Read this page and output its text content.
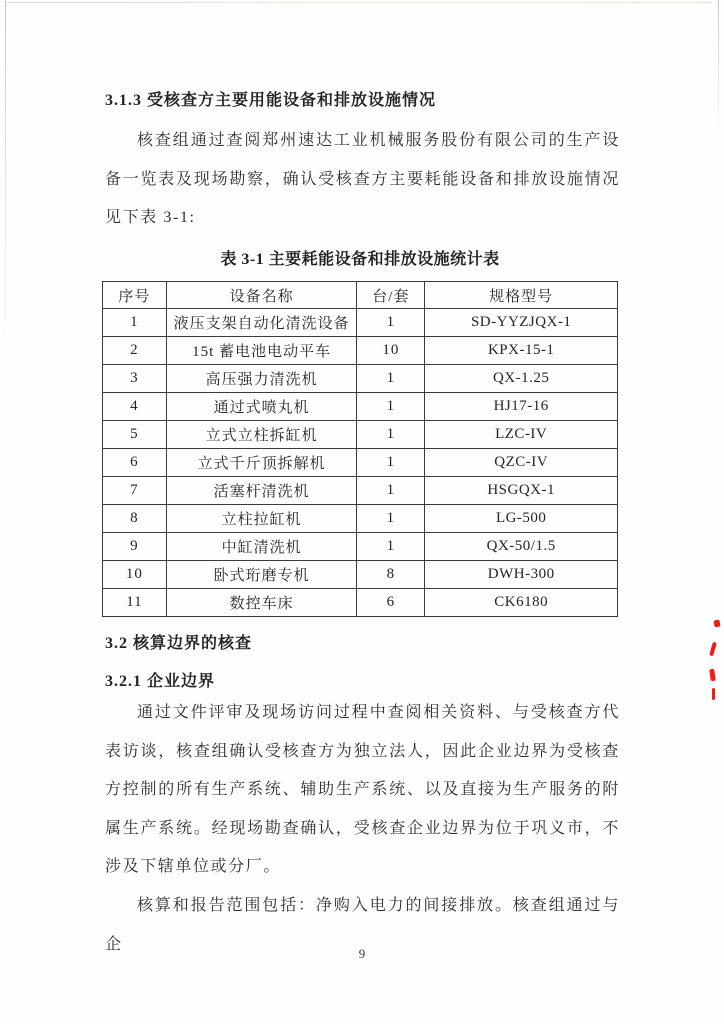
3.1.3 受核查方主要用能设备和排放设施情况
核查组通过查阅郑州速达工业机械服务股份有限公司的生产设备一览表及现场勘察，确认受核查方主要耗能设备和排放设施情况见下表 3-1:
表 3-1 主要耗能设备和排放设施统计表
序号	设备名称	台/套	规格型号
1	液压支架自动化清洗设备	1	SD-YYZJQX-1
2	15t 蓄电池电动平车	10	KPX-15-1
3	高压强力清洗机	1	QX-1.25
4	通过式喷丸机	1	HJ17-16
5	立式立柱拆缸机	1	LZC-IV
6	立式千斤顶拆解机	1	QZC-IV
7	活塞杆清洗机	1	HSGQX-1
8	立柱拉缸机	1	LG-500
9	中缸清洗机	1	QX-50/1.5
10	卧式珩磨专机	8	DWH-300
11	数控车床	6	CK6180
3.2 核算边界的核查
3.2.1 企业边界
通过文件评审及现场访问过程中查阅相关资料、与受核查方代表访谈，核查组确认受核查方为独立法人，因此企业边界为受核查方控制的所有生产系统、辅助生产系统、以及直接为生产服务的附属生产系统。经现场勘查确认，受核查企业边界为位于巩义市，不涉及下辖单位或分厂。
核算和报告范围包括：净购入电力的间接排放。核查组通过与企
9
